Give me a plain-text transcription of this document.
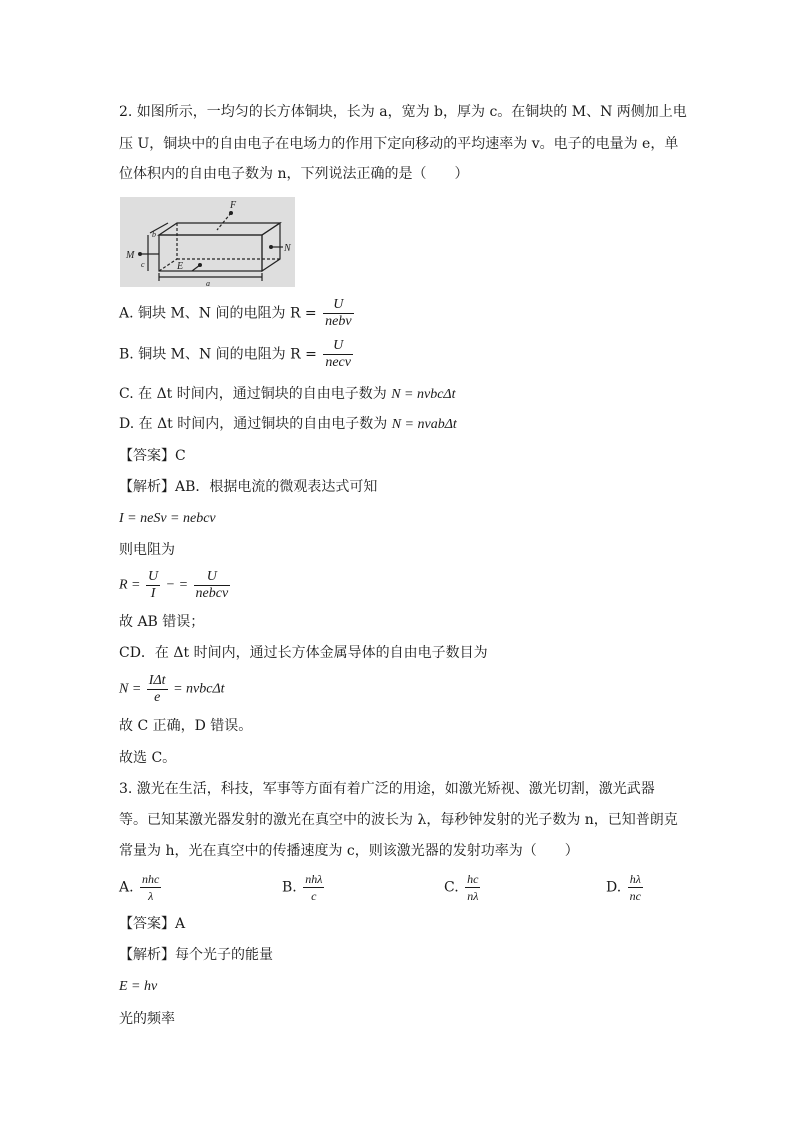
2. 如图所示，一均匀的长方体铜块，长为 a，宽为 b，厚为 c。在铜块的 M、N 两侧加上电
压 U，铜块中的自由电子在电场力的作用下定向移动的平均速率为 v。电子的电量为 e，单
位体积内的自由电子数为 n，下列说法正确的是（　　）
F
M
N
E
a
b
c
A. 铜块 M、N 间的电阻为 $R = \frac{U}{\text{nebv}}$
B. 铜块 M、N 间的电阻为 $R = \frac{U}{\text{necv}}$
C. 在 Δt 时间内，通过铜块的自由电子数为 N = nvbcΔt
D. 在 Δt 时间内，通过铜块的自由电子数为 N = nvabΔt
【答案】C
【解析】AB．根据电流的微观表达式可知
I = neSv = nebcv
则电阻为
$R = \frac{U}{I}$ − = $\frac{U}{\text{nebcv}}$
故 AB 错误；
CD．在 Δt 时间内，通过长方体金属导体的自由电子数目为
$N = \frac{\text{IΔt}}{e}$ = nvbcΔt
故 C 正确，D 错误。
故选 C。
3. 激光在生活，科技，军事等方面有着广泛的用途，如激光矫视、激光切割，激光武器
等。已知某激光器发射的激光在真空中的波长为 λ，每秒钟发射的光子数为 n，已知普朗克
常量为 h，光在真空中的传播速度为 c，则该激光器的发射功率为（　　）
A. $\frac{\text{nhc}}{\lambda}$	B. $\frac{\text{nhλ}}{c}$	C. $\frac{hc}{n\lambda}$	D. $\frac{h\lambda}{nc}$
【答案】A
【解析】每个光子的能量
E = hν
光的频率
